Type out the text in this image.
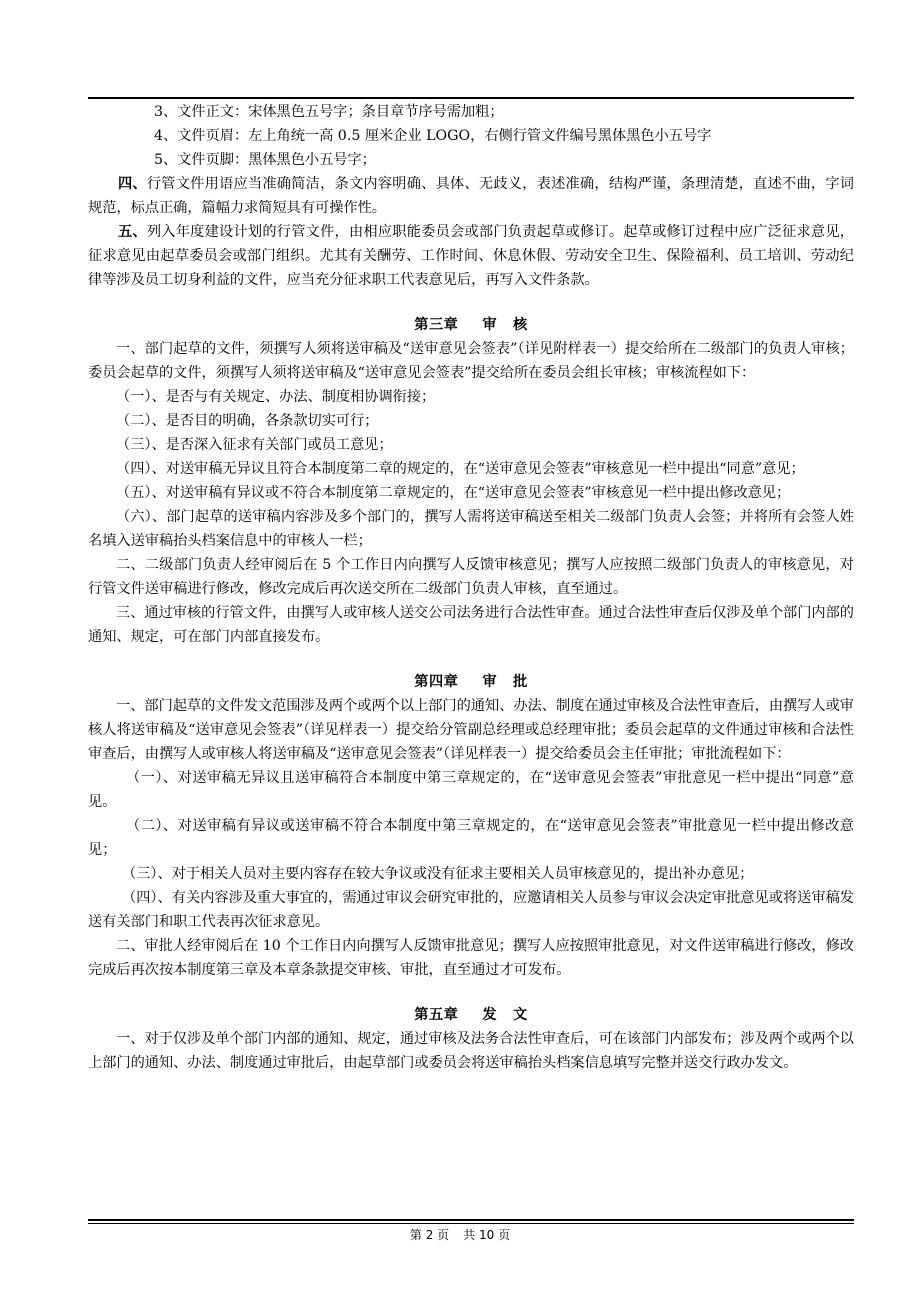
3、文件正文：宋体黑色五号字；条目章节序号需加粗；

4、文件页眉：左上角统一高 0.5 厘米企业 LOGO，右侧行管文件编号黑体黑色小五号字

5、文件页脚：黑体黑色小五号字；

四、行管文件用语应当准确简洁，条文内容明确、具体、无歧义，表述准确，结构严谨，条理清楚，直述不曲，字词规范，标点正确，篇幅力求简短具有可操作性。

五、列入年度建设计划的行管文件，由相应职能委员会或部门负责起草或修订。起草或修订过程中应广泛征求意见，征求意见由起草委员会或部门组织。尤其有关酬劳、工作时间、休息休假、劳动安全卫生、保险福利、员工培训、劳动纪律等涉及员工切身利益的文件，应当充分征求职工代表意见后，再写入文件条款。

第三章 审 核

一、部门起草的文件，须撰写人须将送审稿及“送审意见会签表”（详见附样表一）提交给所在二级部门的负责人审核；委员会起草的文件，须撰写人须将送审稿及“送审意见会签表”提交给所在委员会组长审核；审核流程如下：

（一）、是否与有关规定、办法、制度相协调衔接；

（二）、是否目的明确，各条款切实可行；

（三）、是否深入征求有关部门或员工意见；

（四）、对送审稿无异议且符合本制度第二章的规定的，在“送审意见会签表”审核意见一栏中提出“同意”意见；

（五）、对送审稿有异议或不符合本制度第二章规定的，在“送审意见会签表”审核意见一栏中提出修改意见；

（六）、部门起草的送审稿内容涉及多个部门的，撰写人需将送审稿送至相关二级部门负责人会签；并将所有会签人姓名填入送审稿抬头档案信息中的审核人一栏；

二、二级部门负责人经审阅后在 5 个工作日内向撰写人反馈审核意见；撰写人应按照二级部门负责人的审核意见，对行管文件送审稿进行修改，修改完成后再次送交所在二级部门负责人审核，直至通过。

三、通过审核的行管文件，由撰写人或审核人送交公司法务进行合法性审查。通过合法性审查后仅涉及单个部门内部的通知、规定，可在部门内部直接发布。

第四章 审 批

一、部门起草的文件发文范围涉及两个或两个以上部门的通知、办法、制度在通过审核及合法性审查后，由撰写人或审核人将送审稿及“送审意见会签表”（详见样表一）提交给分管副总经理或总经理审批；委员会起草的文件通过审核和合法性审查后，由撰写人或审核人将送审稿及“送审意见会签表”（详见样表一）提交给委员会主任审批；审批流程如下：

（一）、对送审稿无异议且送审稿符合本制度中第三章规定的，在“送审意见会签表”审批意见一栏中提出“同意”意见。

（二）、对送审稿有异议或送审稿不符合本制度中第三章规定的，在“送审意见会签表”审批意见一栏中提出修改意见；

（三）、对于相关人员对主要内容存在较大争议或没有征求主要相关人员审核意见的，提出补办意见；

（四）、有关内容涉及重大事宜的，需通过审议会研究审批的，应邀请相关人员参与审议会决定审批意见或将送审稿发送有关部门和职工代表再次征求意见。

二、审批人经审阅后在 10 个工作日内向撰写人反馈审批意见；撰写人应按照审批意见，对文件送审稿进行修改，修改完成后再次按本制度第三章及本章条款提交审核、审批，直至通过才可发布。

第五章 发 文

一、对于仅涉及单个部门内部的通知、规定，通过审核及法务合法性审查后，可在该部门内部发布；涉及两个或两个以上部门的通知、办法、制度通过审批后，由起草部门或委员会将送审稿抬头档案信息填写完整并送交行政办发文。

第 2 页 共 10 页
